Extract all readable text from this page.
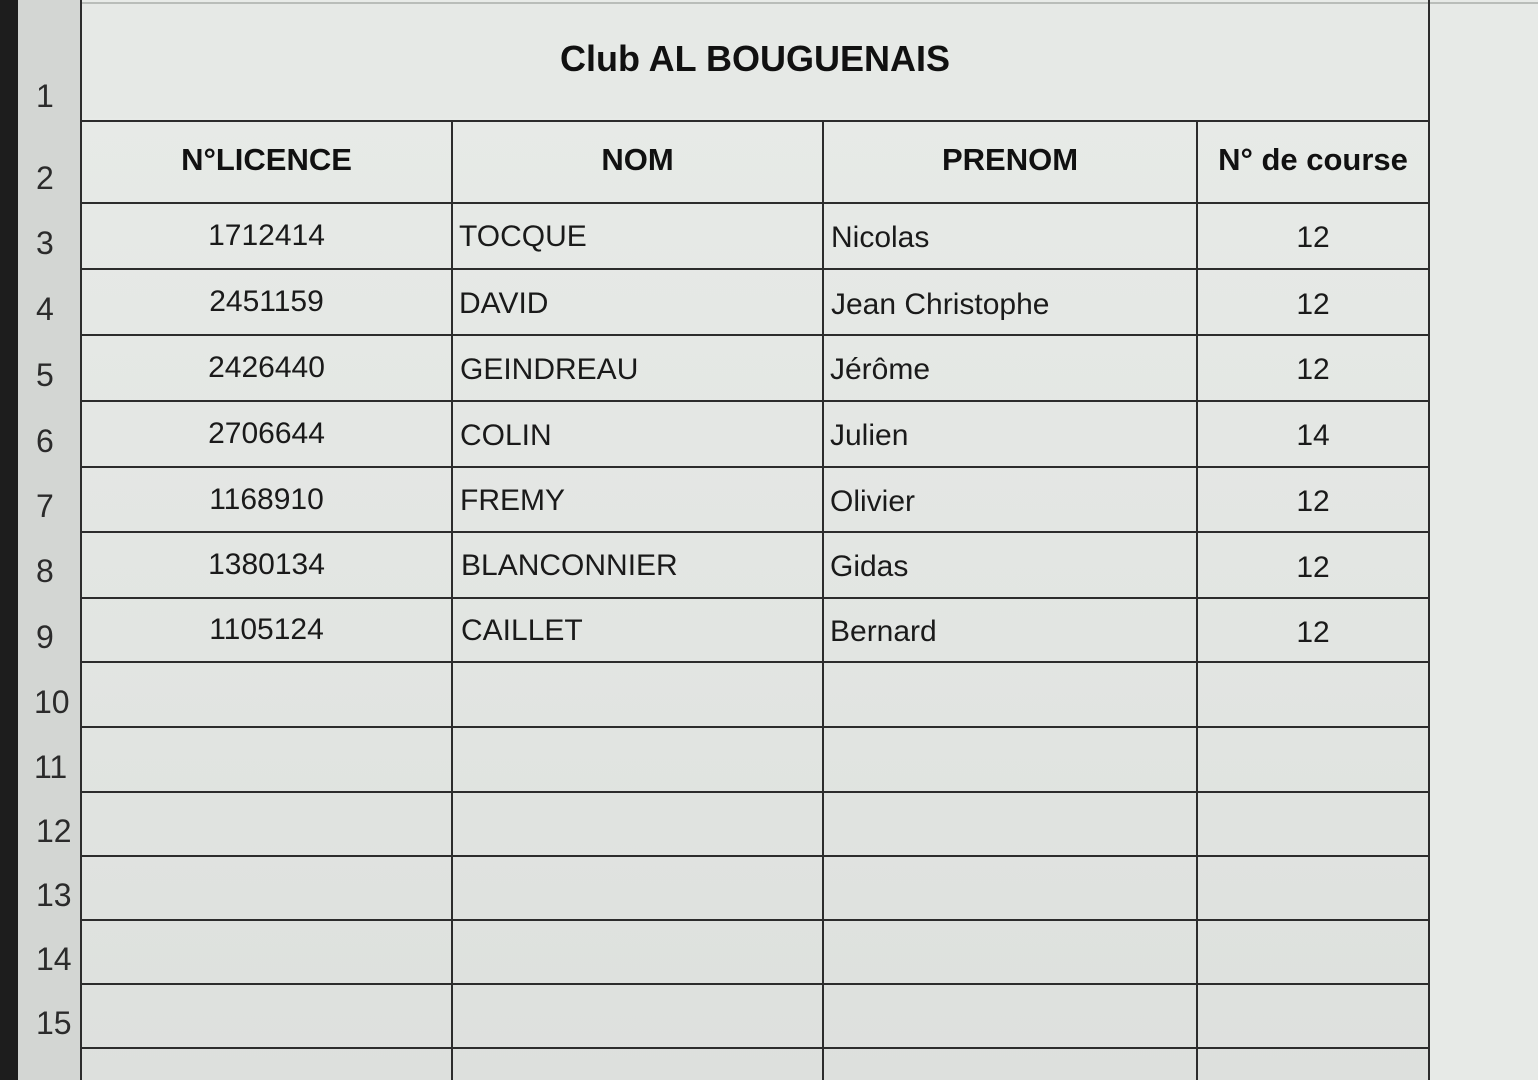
1
2
3
4
5
6
7
8
9
10
11
12
13
14
15
Club AL BOUGUENAIS
N°LICENCE	NOM	PRENOM	N° de course
1712414	TOCQUE	Nicolas	12
2451159	DAVID	Jean Christophe	12
2426440	GEINDREAU	Jérôme	12
2706644	COLIN	Julien	14
1168910	FREMY	Olivier	12
1380134	BLANCONNIER	Gidas	12
1105124	CAILLET	Bernard	12
